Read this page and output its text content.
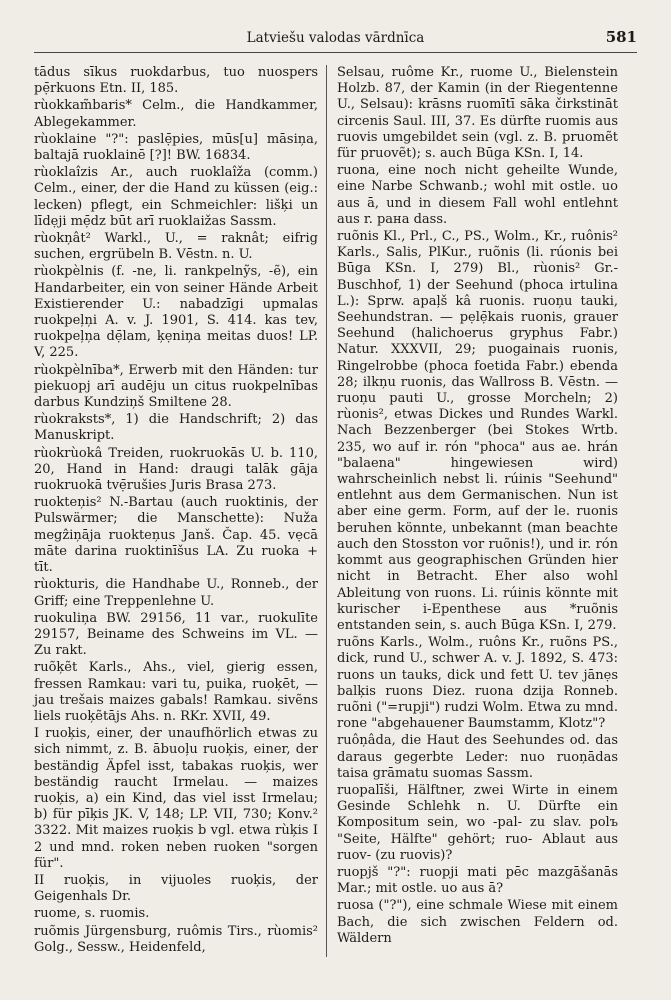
Latviešu valodas vārdnīca	581
tādus sīkus ruokdarbus, tuo nuospers pẹ̄rkuons Etn. II, 185.
rùokkam̃baris* Celm., die Handkammer, Ablegekammer.
rùoklaine "?": paslẹ̄pies, mūs[u] māsiņa, baltajā ruoklainē [?]! BW. 16834.
rùoklaîzis Ar., auch ruoklaîža (comm.) Celm., einer, der die Hand zu küssen (eig.: lecken) pflegt, ein Schmeichler: lišķi un līdẹji mẹ̄dz būt arī ruoklaižas Sassm.
rùokņât² Warkl., U., = raknât; eifrig suchen, ergrübeln B. Vēstn. n. U.
rùokpèlnis (f. -ne, li. rankpelnỹs, -ẽ), ein Handarbeiter, ein von seiner Hände Arbeit Existierender U.: nabadzīgi upmalas ruokpeļņi A. v. J. 1901, S. 414. kas tev, ruokpeļņa dẹ̄lam, ķẹniņa meitas duos! LP. V, 225.
rùokpèlnība*, Erwerb mit den Händen: tur piekuopj arī audēju un citus ruokpelnības darbus Kundziņš Smiltene 28.
rùokraksts*, 1) die Handschrift; 2) das Manuskript.
rùokrùokâ Treiden, ruokruokās U. b. 110, 20, Hand in Hand: draugi talāk gāja ruokruokā tvẹ̄rušies Juris Brasa 273.
ruokteņis² N.-Bartau (auch ruoktinis, der Pulswärmer; die Manschette): Nuža megẑiņāja ruokteņus Janš. Čap. 45. vẹcā māte darina ruoktinīšus LA. Zu ruoka + tīt.
rùokturis, die Handhabe U., Ronneb., der Griff; eine Treppenlehne U.
ruokuliņa BW. 29156, 11 var., ruokulīte 29157, Beiname des Schweins im VL. — Zu rakt.
ruõķẽt Karls., Ahs., viel, gierig essen, fressen Ramkau: vari tu, puika, ruoķēt, — jau trešais maizes gabals! Ramkau. sivẽns liels ruoķẽtājs Ahs. n. RKr. XVII, 49.
I ruoķis, einer, der unaufhörlich etwas zu sich nimmt, z. B. ābuoļu ruoķis, einer, der beständig Äpfel isst, tabakas ruoķis, wer beständig raucht Irmelau. — maizes ruoķis, a) ein Kind, das viel isst Irmelau; b) für pīķis JK. V, 148; LP. VII, 730; Konv.² 3322. Mit maizes ruoķis b vgl. etwa rùķis I 2 und mnd. roken neben ruoken "sorgen für".
II ruoķis, in vijuoles ruoķis, der Geigenhals Dr.
ruome, s. ruomis.
ruõmis Jürgensburg, ruômis Tirs., rùomis² Golg., Sessw., Heidenfeld,
Selsau, ruôme Kr., ruome U., Bielenstein Holzb. 87, der Kamin (in der Riegentenne U., Selsau): krāsns ruomītī sāka čirkstināt circenis Saul. III, 37. Es dürfte ruomis aus ruovis umgebildet sein (vgl. z. B. pruomẽt für pruovẽt); s. auch Būga KSn. I, 14.
ruona, eine noch nicht geheilte Wunde, eine Narbe Schwanb.; wohl mit ostle. uo aus ā, und in diesem Fall wohl entlehnt aus r. рана dass.
ruõnis Kl., Prl., C., PS., Wolm., Kr., ruônis² Karls., Salis, PlKur., ruõnis (li. rúonis bei Būga KSn. I, 279) Bl., rùonis² Gr.-Buschhof, 1) der Seehund (phoca irtulina L.): Sprw. apaļš kâ ruonis. ruoņu tauki, Seehundstran. — pẹlẹ̄kais ruonis, grauer Seehund (halichoerus gryphus Fabr.) Natur. XXXVII, 29; puogainais ruonis, Ringelrobbe (phoca foetida Fabr.) ebenda 28; ilkņu ruonis, das Wallross B. Vēstn. — ruoņu pauti U., grosse Morcheln; 2) rùonis², etwas Dickes und Rundes Warkl. Nach Bezzenberger (bei Stokes Wrtb. 235, wo auf ir. rón "phoca" aus ae. hrán "balaena" hingewiesen wird) wahrscheinlich nebst li. rúinis "Seehund" entlehnt aus dem Germanischen. Nun ist aber eine germ. Form, auf der le. ruonis beruhen könnte, unbekannt (man beachte auch den Stosston vor ruõnis!), und ir. rón kommt aus geographischen Gründen hier nicht in Betracht. Eher also wohl Ableitung von ruons. Li. rúinis könnte mit kurischer i-Epenthese aus *ruõnis entstanden sein, s. auch Būga KSn. I, 279.
ruõns Karls., Wolm., ruôns Kr., ruõns PS., dick, rund U., schwer A. v. J. 1892, S. 473: ruons un tauks, dick und fett U. tev jānẹs balķis ruons Diez. ruona dzija Ronneb. ruõni ("=rupji") rudzi Wolm. Etwa zu mnd. rone "abgehauener Baumstamm, Klotz"?
ruôņâda, die Haut des Seehundes od. das daraus gegerbte Leder: nuo ruoņādas taisa grāmatu suomas Sassm.
ruopalīši, Hälftner, zwei Wirte in einem Gesinde Schlehk n. U. Dürfte ein Kompositum sein, wo -pal- zu slav. polъ "Seite, Hälfte" gehört; ruo- Ablaut aus ruov- (zu ruovis)?
ruopjš "?": ruopji mati pēc mazgāšanās Mar.; mit ostle. uo aus ā?
ruosa ("?"), eine schmale Wiese mit einem Bach, die sich zwischen Feldern od. Wäldern
